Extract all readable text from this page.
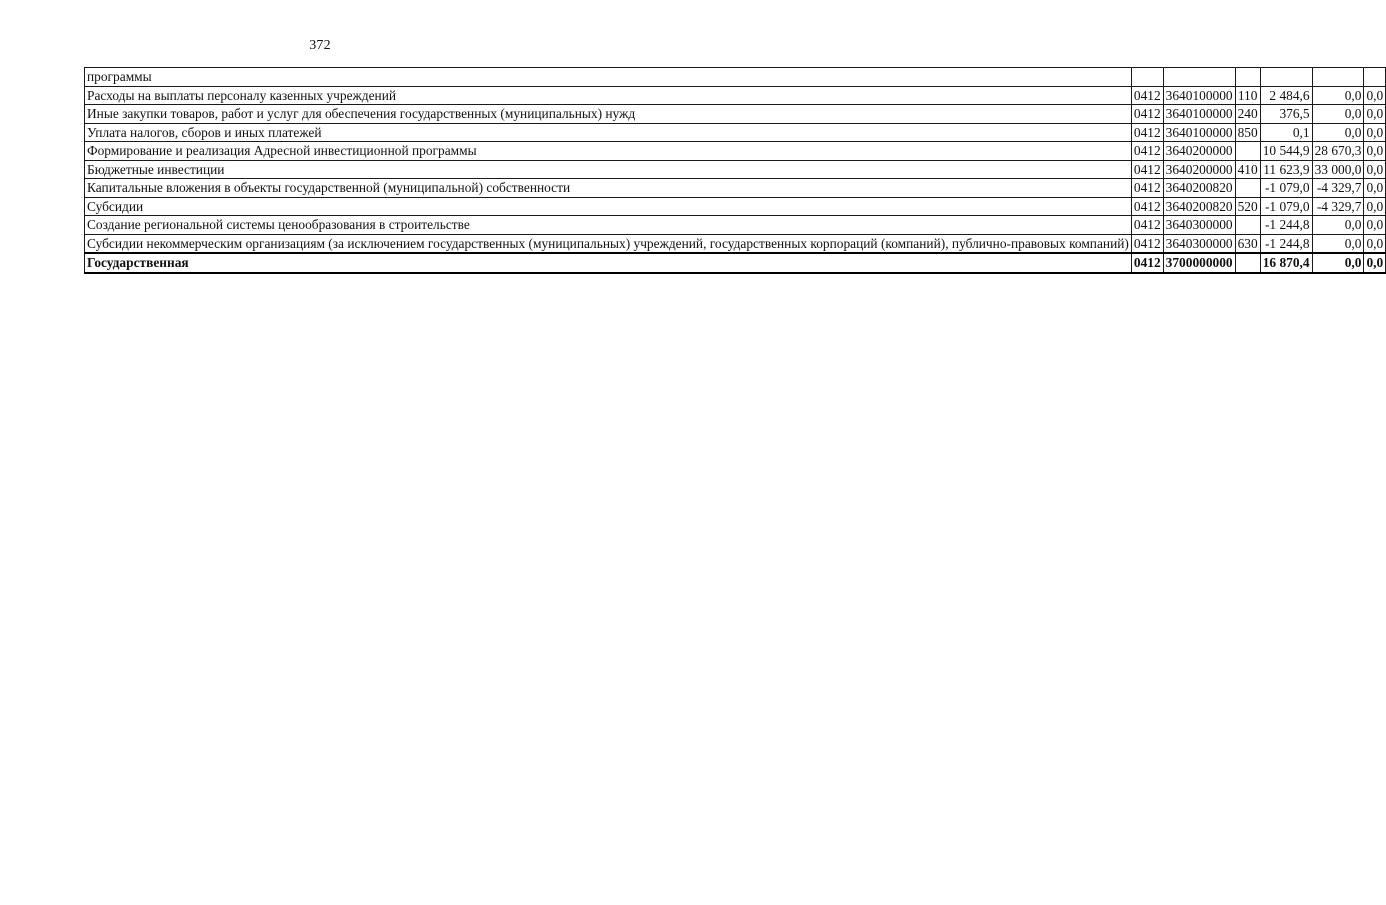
372
программы						
Расходы на выплаты персоналу казенных учреждений	0412	3640100000	110	2 484,6	0,0	0,0
Иные закупки товаров, работ и услуг для обеспечения государственных (муниципальных) нужд	0412	3640100000	240	376,5	0,0	0,0
Уплата налогов, сборов и иных платежей	0412	3640100000	850	0,1	0,0	0,0
Формирование и реализация Адресной инвестиционной программы	0412	3640200000		10 544,9	28 670,3	0,0
Бюджетные инвестиции	0412	3640200000	410	11 623,9	33 000,0	0,0
Капитальные вложения в объекты государственной (муниципальной) собственности	0412	3640200820		-1 079,0	-4 329,7	0,0
Субсидии	0412	3640200820	520	-1 079,0	-4 329,7	0,0
Создание региональной системы ценообразования в строительстве	0412	3640300000		-1 244,8	0,0	0,0
Субсидии некоммерческим организациям (за исключением государственных (муниципальных) учреждений, государственных корпораций (компаний), публично-правовых компаний)	0412	3640300000	630	-1 244,8	0,0	0,0
Государственная	0412	3700000000		16 870,4	0,0	0,0
